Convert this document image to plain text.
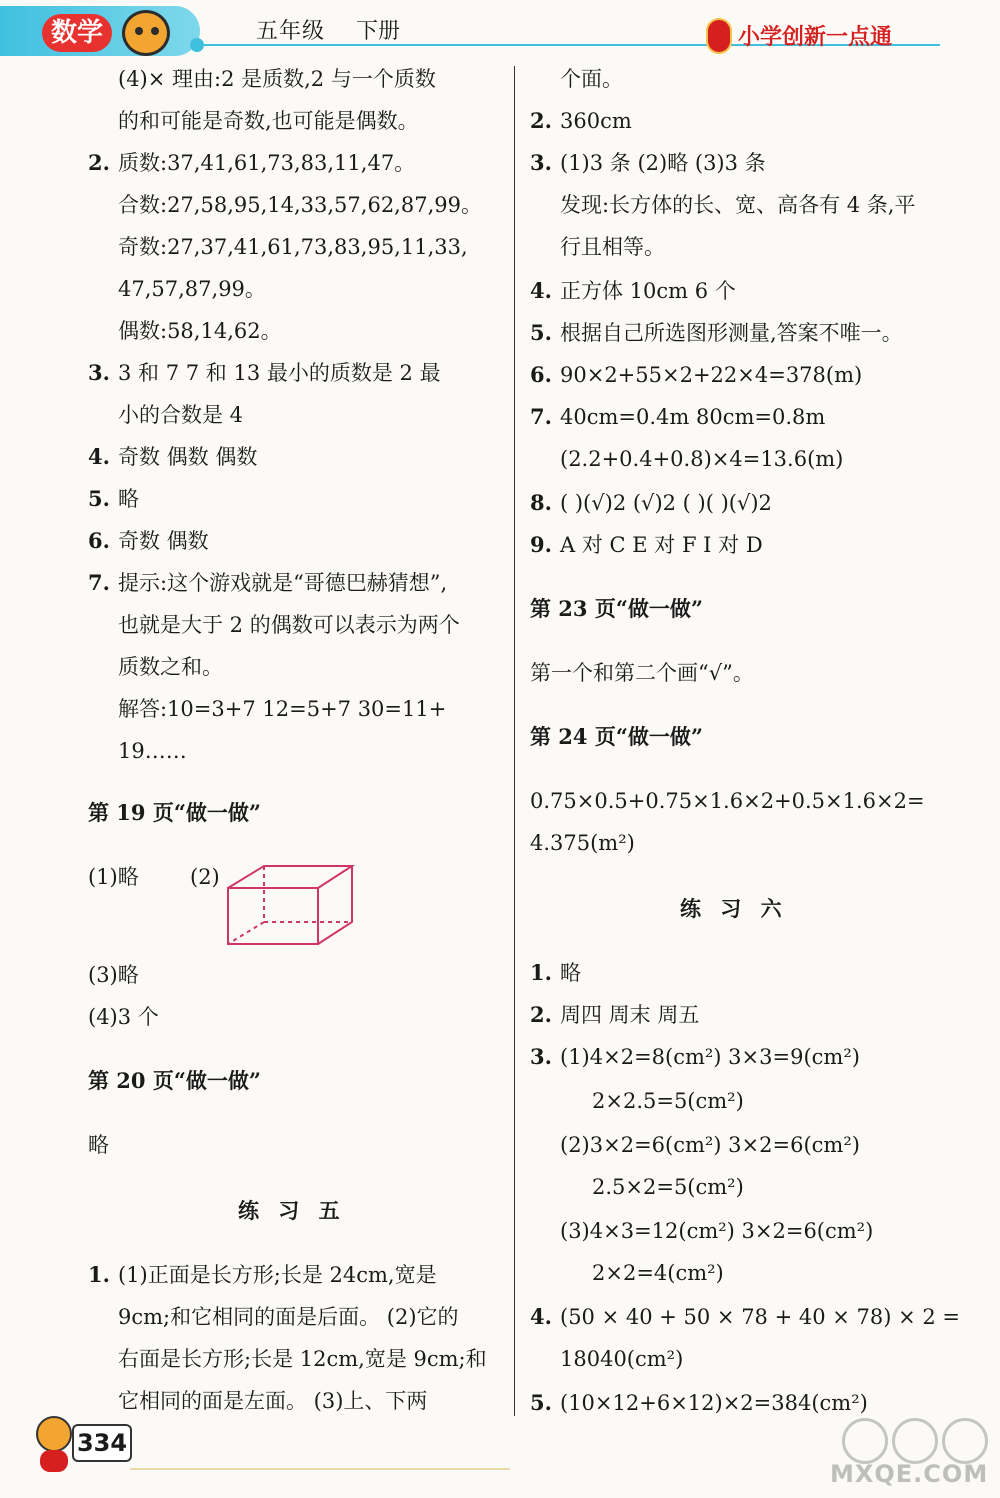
数学	五年级 下册	小学创新一点通
(4)× 理由:2 是质数,2 与一个质数
的和可能是奇数,也可能是偶数。
2. 质数:37,41,61,73,83,11,47。
合数:27,58,95,14,33,57,62,87,99。
奇数:27,37,41,61,73,83,95,11,33,
47,57,87,99。
偶数:58,14,62。
3. 3 和 7 7 和 13 最小的质数是 2 最
小的合数是 4
4. 奇数 偶数 偶数
5. 略
6. 奇数 偶数
7. 提示:这个游戏就是“哥德巴赫猜想”,
也就是大于 2 的偶数可以表示为两个
质数之和。
解答:10=3+7 12=5+7 30=11+
19……
第 19 页“做一做”
(1)略 (2)
(3)略
(4)3 个
第 20 页“做一做”
略
练 习 五
1. (1)正面是长方形;长是 24cm,宽是
9cm;和它相同的面是后面。 (2)它的
右面是长方形;长是 12cm,宽是 9cm;和
它相同的面是左面。 (3)上、下两
个面。
2. 360cm
3. (1)3 条 (2)略 (3)3 条
发现:长方体的长、宽、高各有 4 条,平
行且相等。
4. 正方体 10cm 6 个
5. 根据自己所选图形测量,答案不唯一。
6. 90×2+55×2+22×4=378(m)
7. 40cm=0.4m 80cm=0.8m
(2.2+0.4+0.8)×4=13.6(m)
8. ( )(√)2 (√)2 ( )( )(√)2
9. A 对 C E 对 F I 对 D
第 23 页“做一做”
第一个和第二个画“√”。
第 24 页“做一做”
0.75×0.5+0.75×1.6×2+0.5×1.6×2=
4.375(m²)
练 习 六
1. 略
2. 周四 周末 周五
3. (1)4×2=8(cm²) 3×3=9(cm²)
2×2.5=5(cm²)
(2)3×2=6(cm²) 3×2=6(cm²)
2.5×2=5(cm²)
(3)4×3=12(cm²) 3×2=6(cm²)
2×2=4(cm²)
4. (50 × 40 + 50 × 78 + 40 × 78) × 2 =
18040(cm²)
5. (10×12+6×12)×2=384(cm²)
334
MXQE.COM
